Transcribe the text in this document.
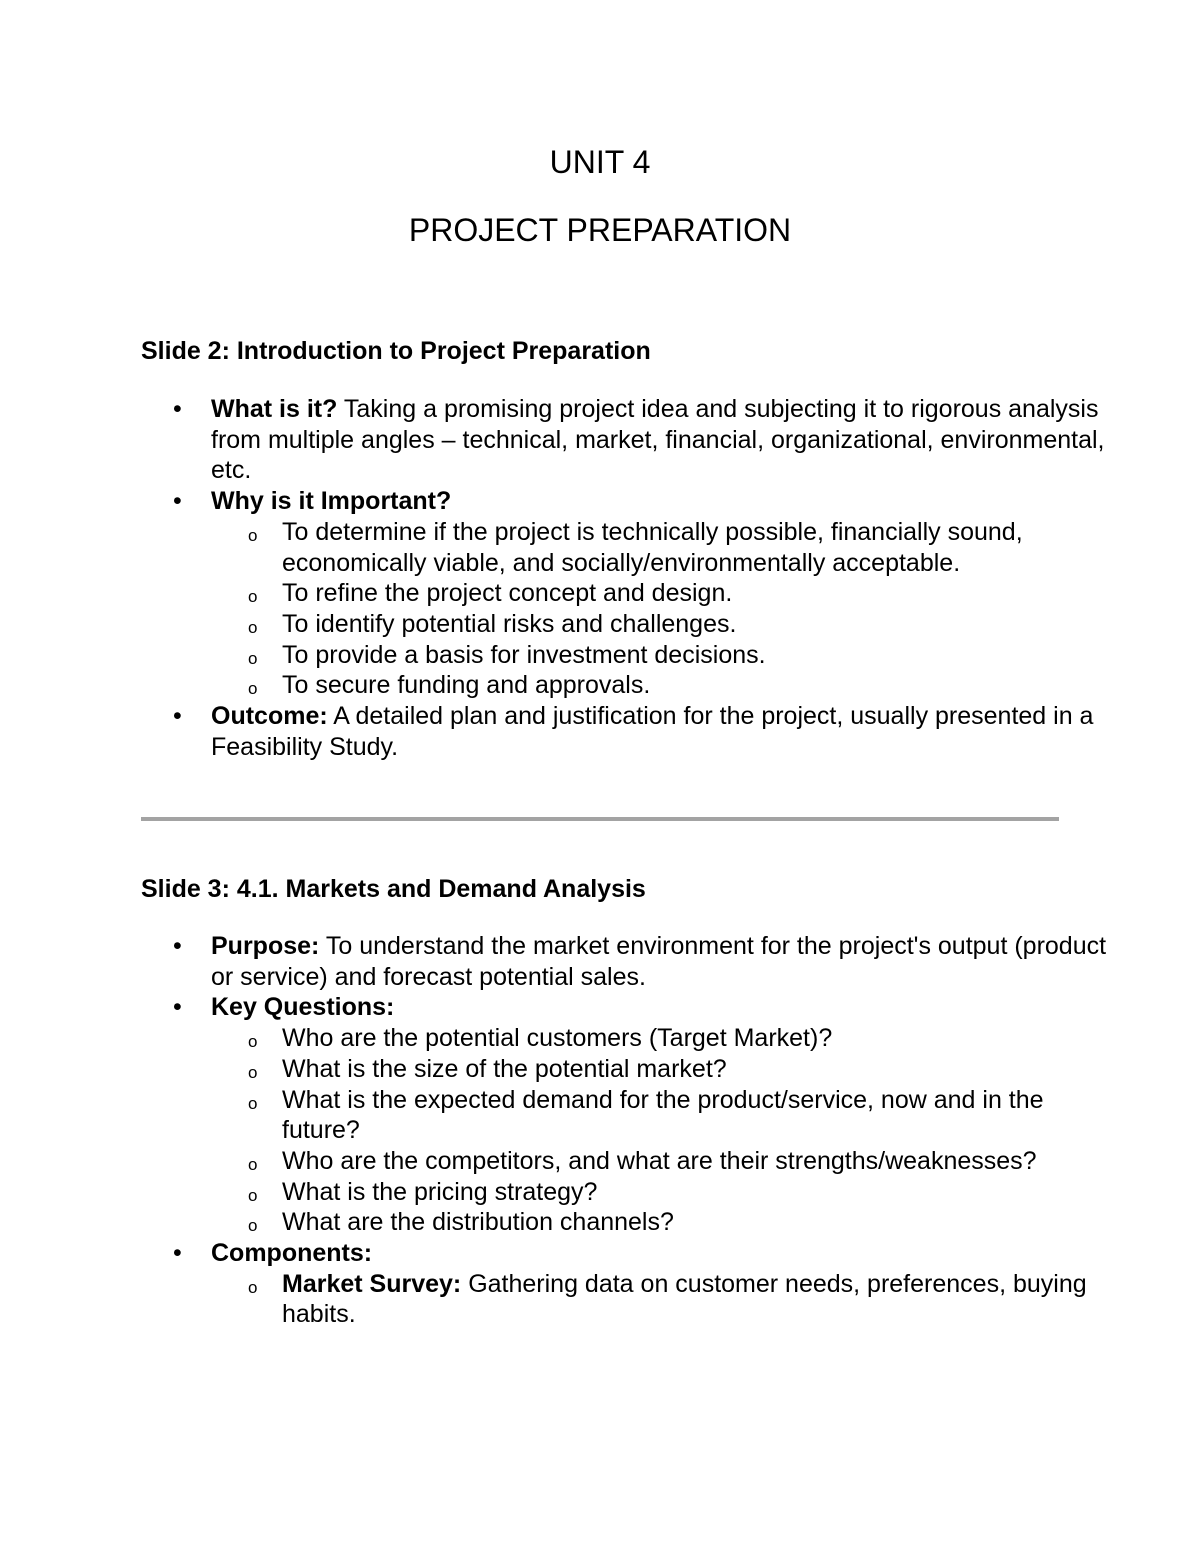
UNIT 4
PROJECT PREPARATION
Slide 2: Introduction to Project Preparation
• What is it? Taking a promising project idea and subjecting it to rigorous analysis from multiple angles – technical, market, financial, organizational, environmental, etc.
• Why is it Important?
o To determine if the project is technically possible, financially sound, economically viable, and socially/environmentally acceptable.
o To refine the project concept and design.
o To identify potential risks and challenges.
o To provide a basis for investment decisions.
o To secure funding and approvals.
• Outcome: A detailed plan and justification for the project, usually presented in a Feasibility Study.
Slide 3: 4.1. Markets and Demand Analysis
• Purpose: To understand the market environment for the project's output (product or service) and forecast potential sales.
• Key Questions:
o Who are the potential customers (Target Market)?
o What is the size of the potential market?
o What is the expected demand for the product/service, now and in the future?
o Who are the competitors, and what are their strengths/weaknesses?
o What is the pricing strategy?
o What are the distribution channels?
• Components:
o Market Survey: Gathering data on customer needs, preferences, buying habits.
